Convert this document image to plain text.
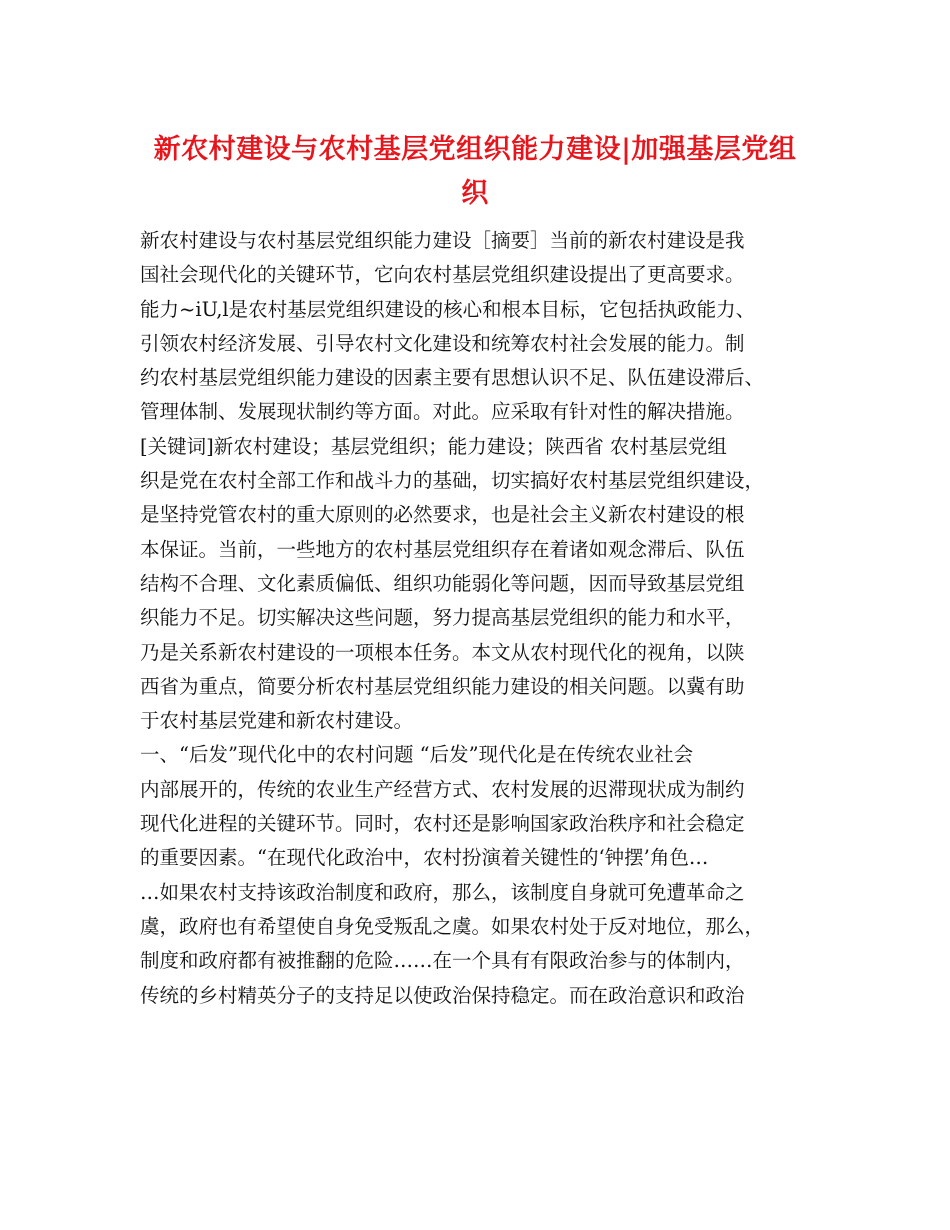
新农村建设与农村基层党组织能力建设|加强基层党组
织
新农村建设与农村基层党组织能力建设［摘要］当前的新农村建设是我
国社会现代化的关键环节，它向农村基层党组织建设提出了更高要求。
能力~iU,l是农村基层党组织建设的核心和根本目标，它包括执政能力、
引领农村经济发展、引导农村文化建设和统筹农村社会发展的能力。制
约农村基层党组织能力建设的因素主要有思想认识不足、队伍建设滞后、
管理体制、发展现状制约等方面。对此。应采取有针对性的解决措施。
[关键词]新农村建设；基层党组织；能力建设；陕西省 农村基层党组
织是党在农村全部工作和战斗力的基础，切实搞好农村基层党组织建设，
是坚持党管农村的重大原则的必然要求，也是社会主义新农村建设的根
本保证。当前，一些地方的农村基层党组织存在着诸如观念滞后、队伍
结构不合理、文化素质偏低、组织功能弱化等问题，因而导致基层党组
织能力不足。切实解决这些问题，努力提高基层党组织的能力和水平，
乃是关系新农村建设的一项根本任务。本文从农村现代化的视角，以陕
西省为重点，简要分析农村基层党组织能力建设的相关问题。以冀有助
于农村基层党建和新农村建设。
一、“后发”现代化中的农村问题 “后发”现代化是在传统农业社会
内部展开的，传统的农业生产经营方式、农村发展的迟滞现状成为制约
现代化进程的关键环节。同时，农村还是影响国家政治秩序和社会稳定
的重要因素。“在现代化政治中，农村扮演着关键性的‘钟摆’角色…
…如果农村支持该政治制度和政府，那么，该制度自身就可免遭革命之
虞，政府也有希望使自身免受叛乱之虞。如果农村处于反对地位，那么，
制度和政府都有被推翻的危险……在一个具有有限政治参与的体制内，
传统的乡村精英分子的支持足以使政治保持稳定。而在政治意识和政治
